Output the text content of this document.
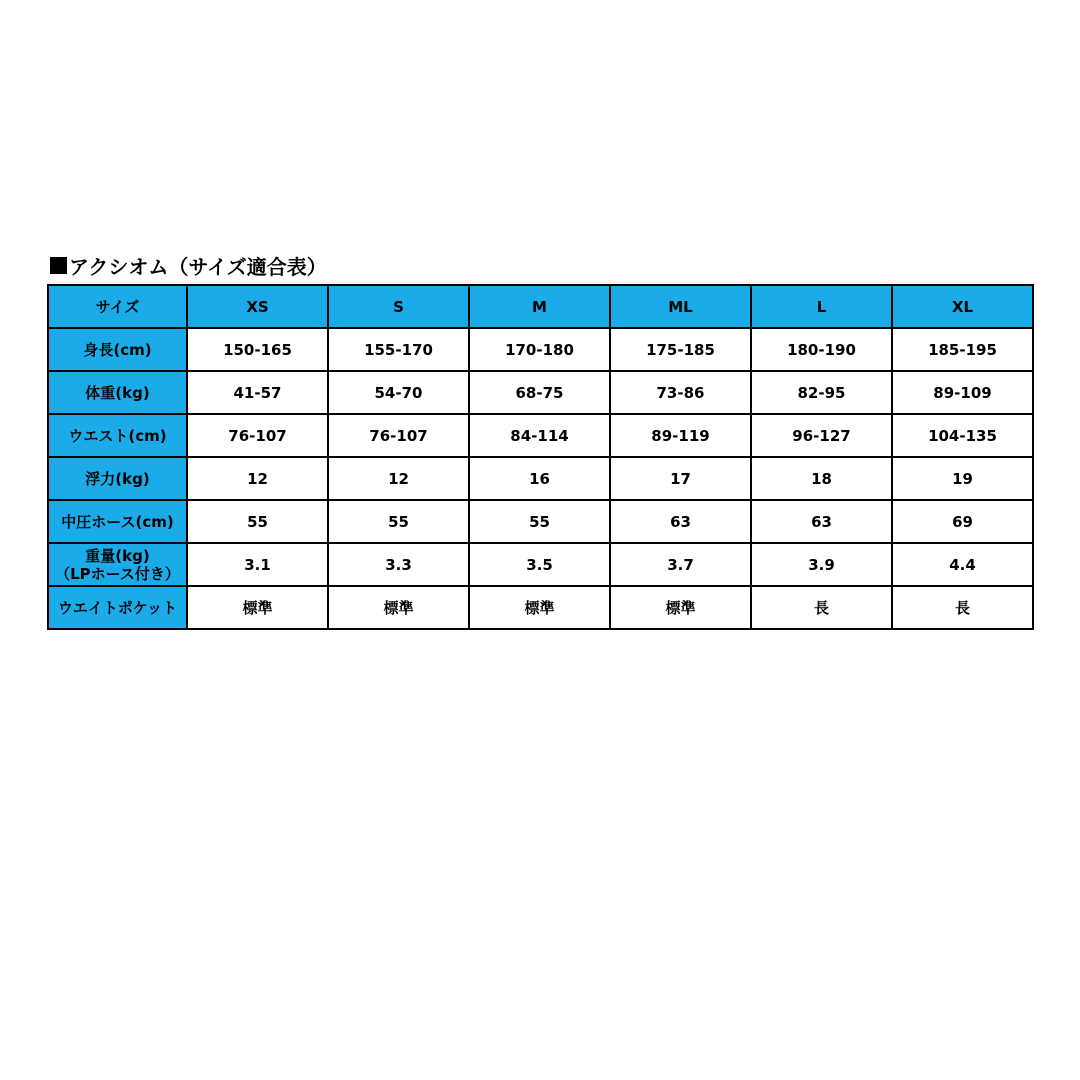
アクシオム（サイズ適合表）
サイズ	XS	S	M	ML	L	XL
身長(cm)	150-165	155-170	170-180	175-185	180-190	185-195
体重(kg)	41-57	54-70	68-75	73-86	82-95	89-109
ウエスト(cm)	76-107	76-107	84-114	89-119	96-127	104-135
浮力(kg)	12	12	16	17	18	19
中圧ホース(cm)	55	55	55	63	63	69

重量(kg)
（LPホース付き）	3.1	3.3	3.5	3.7	3.9	4.4
ウエイトポケット	標準	標準	標準	標準	長	長
